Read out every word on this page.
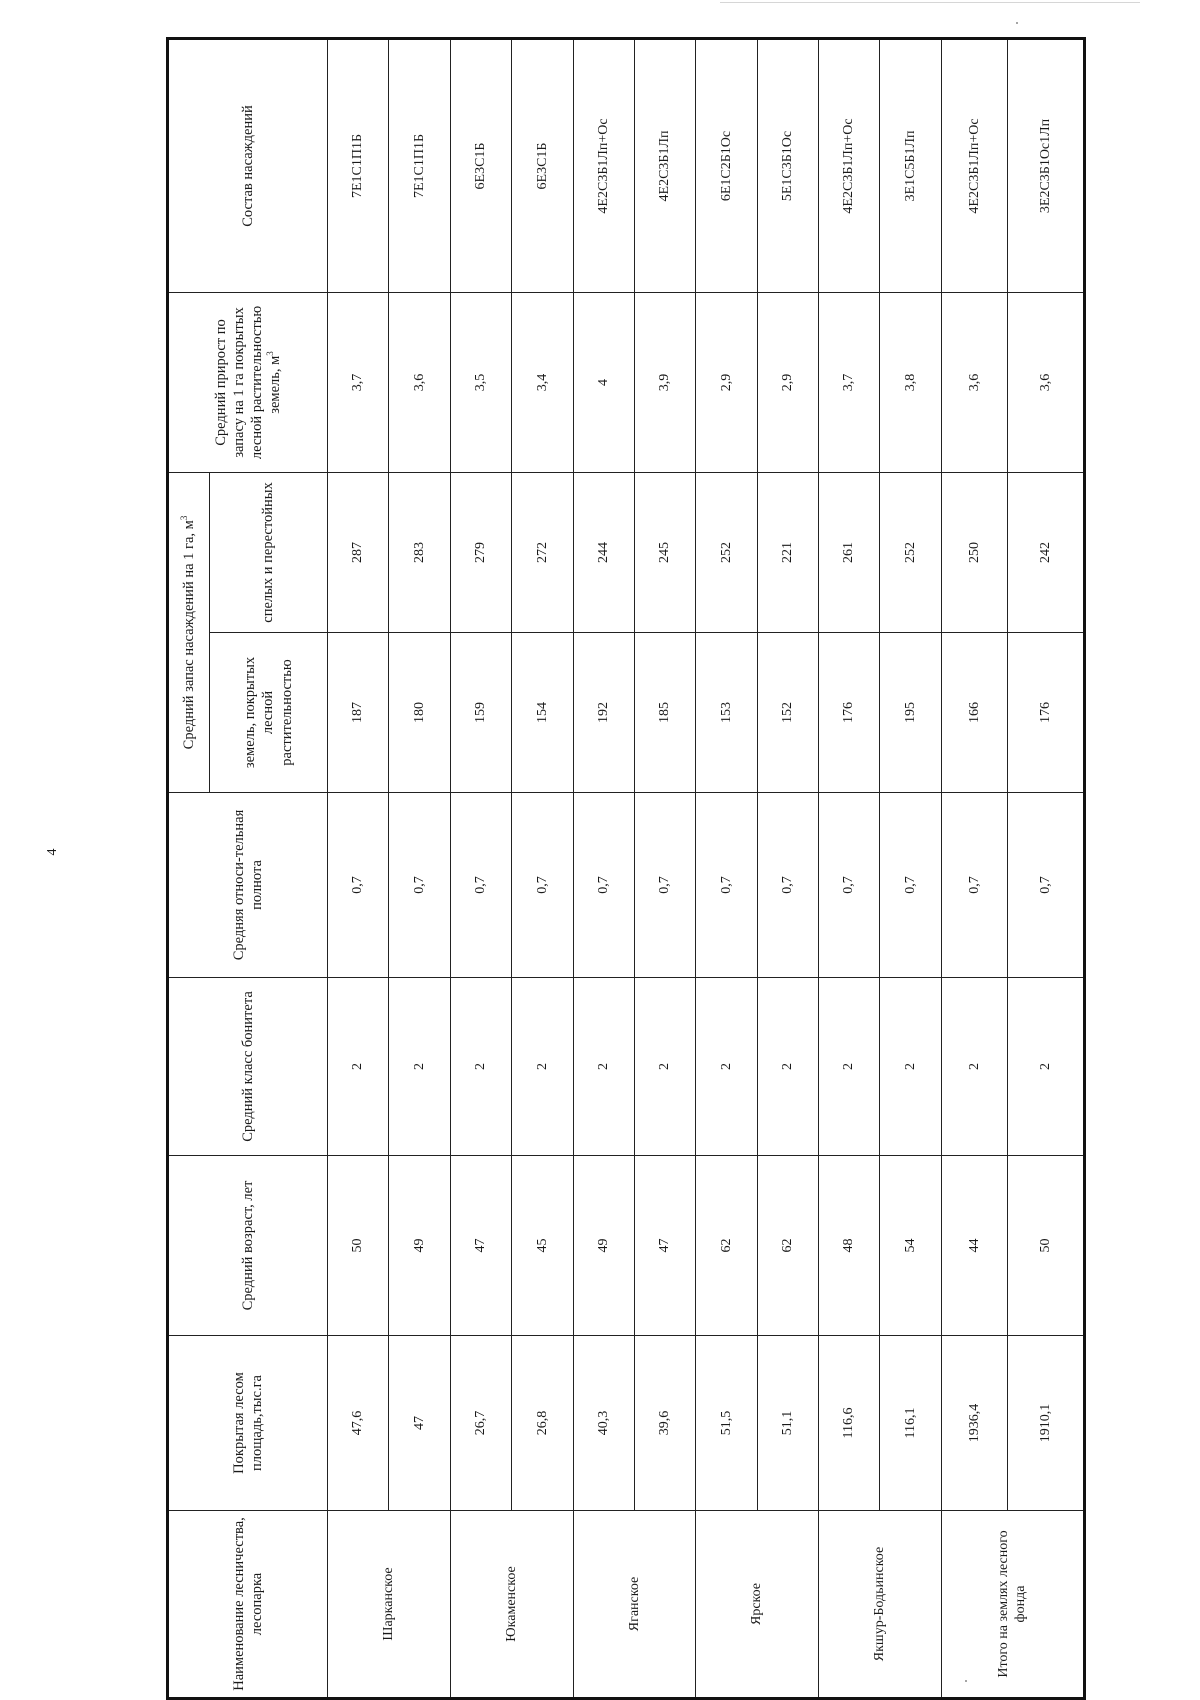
4
Наименование лесничества, лесопарка	Покрытая лесом площадь,тыс.га	Средний возраст, лет	Средний класс бонитета	Средняя относи-тельная полнота	Средний запас насаждений на 1 га, $м^3$		Средний прирост по запасу на 1 га покрытых лесной растительностью земель, $м^3$	Состав насаждений
					земель, покрытых лесной растительностью	спелых и перестойных		
Шарканское	47,6	50	2	0,7	187	287	3,7	7Е1С1П1Б
	47	49	2	0,7	180	283	3,6	7Е1С1П1Б
Юкаменское	26,7	47	2	0,7	159	279	3,5	6Е3С1Б
	26,8	45	2	0,7	154	272	3,4	6Е3С1Б
Яганское	40,3	49	2	0,7	192	244	4	4Е2С3Б1Лп+Ос
	39,6	47	2	0,7	185	245	3,9	4Е2С3Б1Лп
Ярское	51,5	62	2	0,7	153	252	2,9	6Е1С2Б1Ос
	51,1	62	2	0,7	152	221	2,9	5Е1С3Б1Ос
Якшур-Бодьинское	116,6	48	2	0,7	176	261	3,7	4Е2С3Б1Лп+Ос
	116,1	54	2	0,7	195	252	3,8	3Е1С5Б1Лп
Итого на землях лесного фонда	1936,4	44	2	0,7	166	250	3,6	4Е2С3Б1Лп+Ос
	1910,1	50	2	0,7	176	242	3,6	3Е2С3Б1Ос1Лп
